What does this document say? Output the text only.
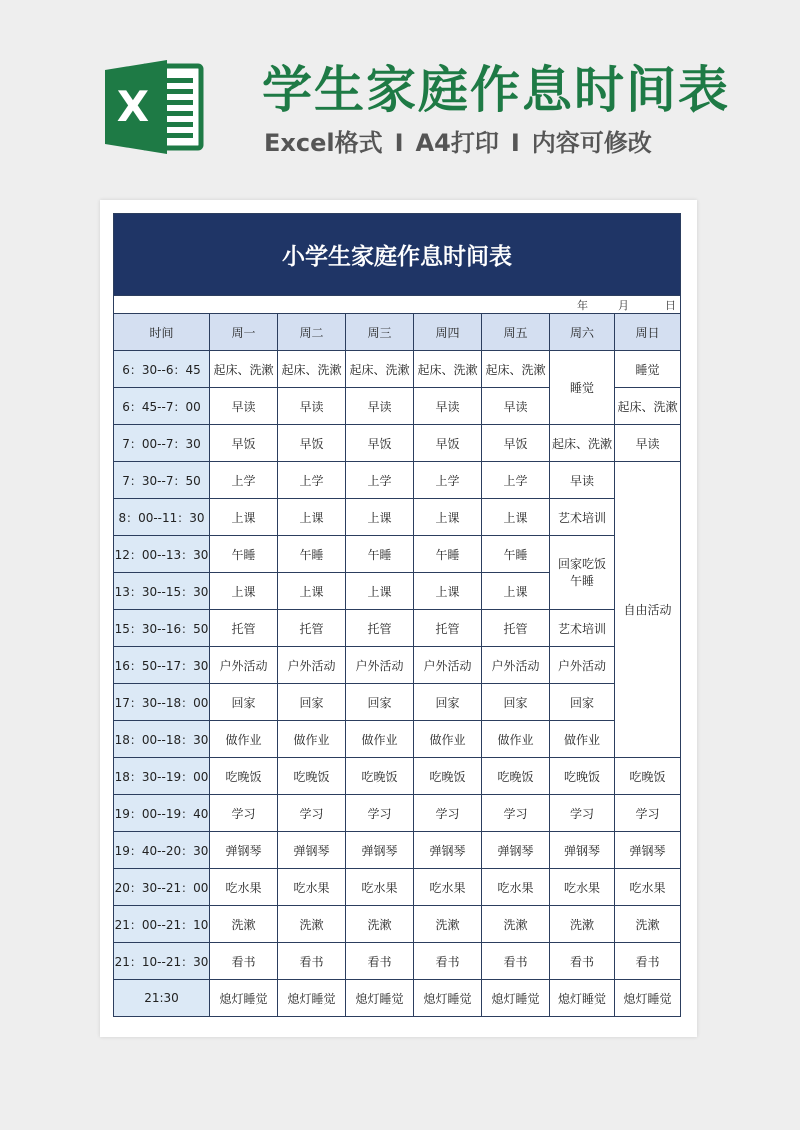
X 学生家庭作息时间表
Excel格式 I A4打印 I 内容可修改
小学生家庭作息时间表							
年 月 日							
时间	周一	周二	周三	周四	周五	周六	周日
6：30--6：45	起床、洗漱	起床、洗漱	起床、洗漱	起床、洗漱	起床、洗漱	睡觉	睡觉
6：45--7：00	早读	早读	早读	早读	早读		起床、洗漱
7：00--7：30	早饭	早饭	早饭	早饭	早饭	起床、洗漱	早读
7：30--7：50	上学	上学	上学	上学	上学	早读	自由活动
8：00--11：30	上课	上课	上课	上课	上课	艺术培训	
12：00--13：30	午睡	午睡	午睡	午睡	午睡	回家吃饭午睡	
13：30--15：30	上课	上课	上课	上课	上课		
15：30--16：50	托管	托管	托管	托管	托管	艺术培训	
16：50--17：30	户外活动	户外活动	户外活动	户外活动	户外活动	户外活动	
17：30--18：00	回家	回家	回家	回家	回家	回家	
18：00--18：30	做作业	做作业	做作业	做作业	做作业	做作业	
18：30--19：00	吃晚饭	吃晚饭	吃晚饭	吃晚饭	吃晚饭	吃晚饭	吃晚饭
19：00--19：40	学习	学习	学习	学习	学习	学习	学习
19：40--20：30	弹钢琴	弹钢琴	弹钢琴	弹钢琴	弹钢琴	弹钢琴	弹钢琴
20：30--21：00	吃水果	吃水果	吃水果	吃水果	吃水果	吃水果	吃水果
21：00--21：10	洗漱	洗漱	洗漱	洗漱	洗漱	洗漱	洗漱
21：10--21：30	看书	看书	看书	看书	看书	看书	看书
21:30	熄灯睡觉	熄灯睡觉	熄灯睡觉	熄灯睡觉	熄灯睡觉	熄灯睡觉	熄灯睡觉
